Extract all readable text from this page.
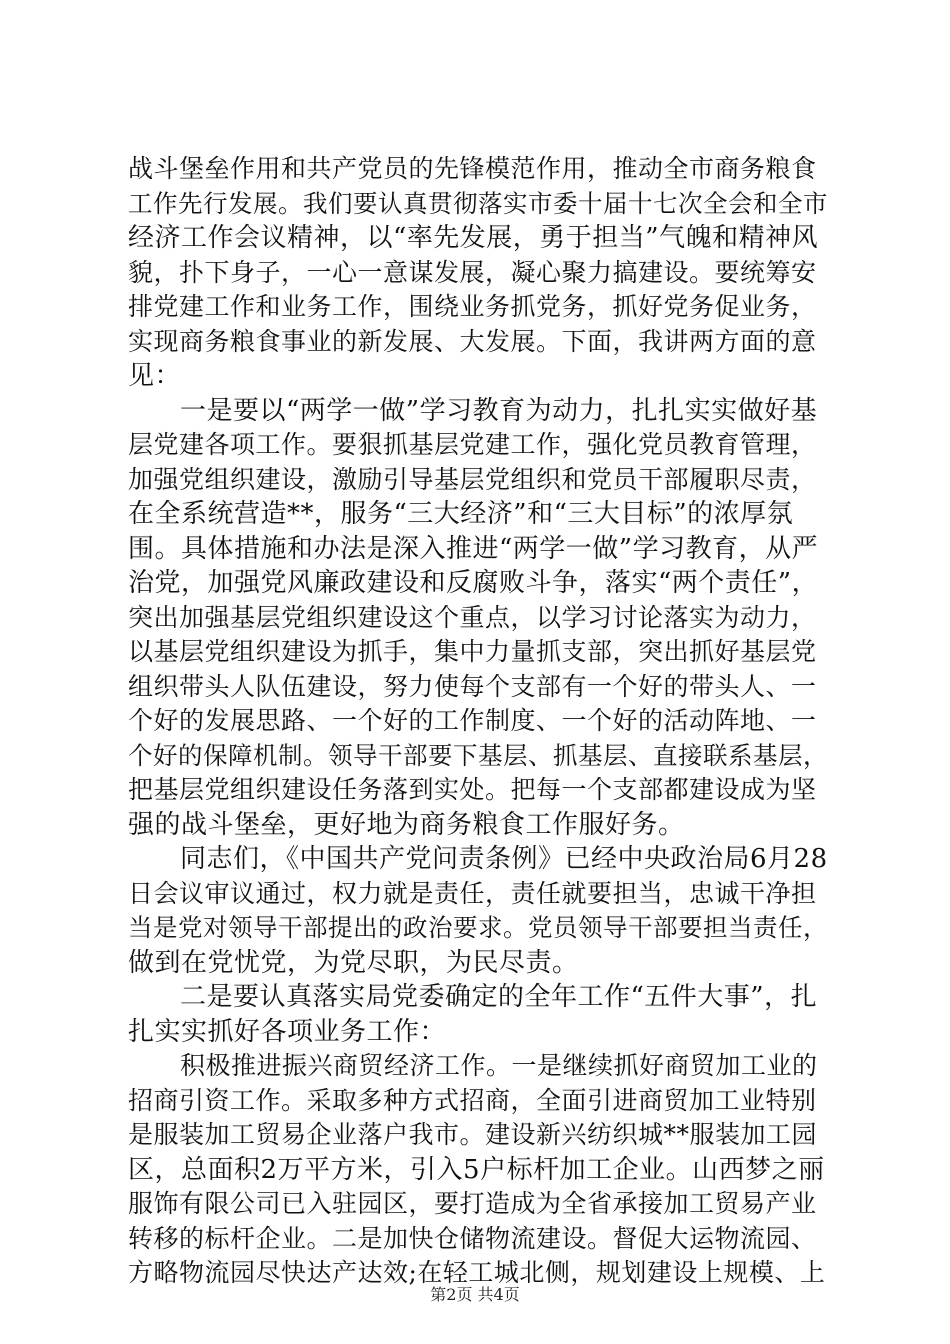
战斗堡垒作用和共产党员的先锋模范作用，推动全市商务粮食
工作先行发展。我们要认真贯彻落实市委十届十七次全会和全市
经济工作会议精神，以“率先发展，勇于担当”气魄和精神风
貌，扑下身子，一心一意谋发展，凝心聚力搞建设。要统筹安
排党建工作和业务工作，围绕业务抓党务，抓好党务促业务，
实现商务粮食事业的新发展、大发展。下面，我讲两方面的意
见：
一是要以“两学一做”学习教育为动力，扎扎实实做好基
层党建各项工作。要狠抓基层党建工作，强化党员教育管理，
加强党组织建设，激励引导基层党组织和党员干部履职尽责，
在全系统营造**，服务“三大经济”和“三大目标”的浓厚氛
围。具体措施和办法是深入推进“两学一做”学习教育，从严
治党，加强党风廉政建设和反腐败斗争，落实“两个责任”，
突出加强基层党组织建设这个重点，以学习讨论落实为动力，
以基层党组织建设为抓手，集中力量抓支部，突出抓好基层党
组织带头人队伍建设，努力使每个支部有一个好的带头人、一
个好的发展思路、一个好的工作制度、一个好的活动阵地、一
个好的保障机制。领导干部要下基层、抓基层、直接联系基层，
把基层党组织建设任务落到实处。把每一个支部都建设成为坚
强的战斗堡垒，更好地为商务粮食工作服好务。
同志们，《中国共产党问责条例》已经中央政治局6月28
日会议审议通过，权力就是责任，责任就要担当，忠诚干净担
当是党对领导干部提出的政治要求。党员领导干部要担当责任，
做到在党忧党，为党尽职，为民尽责。
二是要认真落实局党委确定的全年工作“五件大事”，扎
扎实实抓好各项业务工作：
积极推进振兴商贸经济工作。一是继续抓好商贸加工业的
招商引资工作。采取多种方式招商，全面引进商贸加工业特别
是服装加工贸易企业落户我市。建设新兴纺织城**服装加工园
区，总面积2万平方米，引入5户标杆加工企业。山西梦之丽
服饰有限公司已入驻园区，要打造成为全省承接加工贸易产业
转移的标杆企业。二是加快仓储物流建设。督促大运物流园、
方略物流园尽快达产达效;在轻工城北侧，规划建设上规模、上
第2页 共4页
